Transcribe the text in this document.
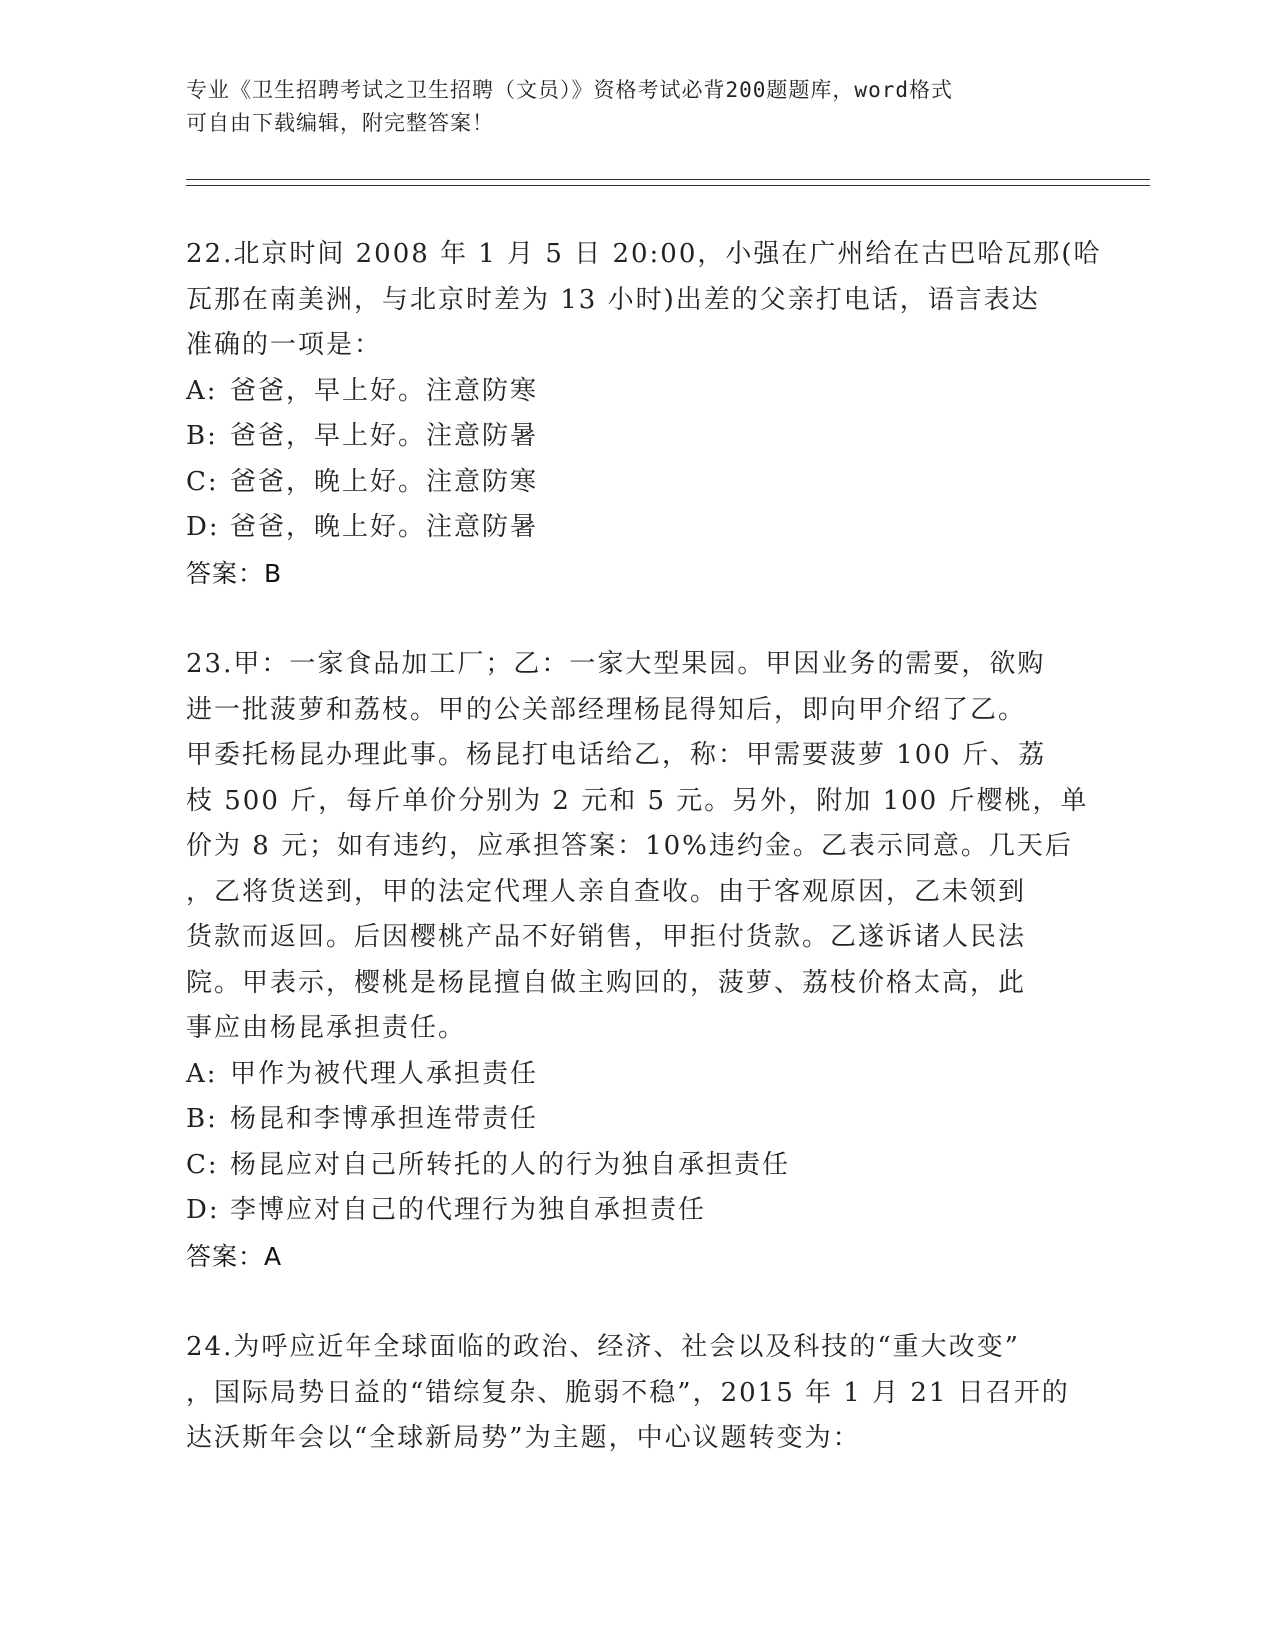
专业《卫生招聘考试之卫生招聘（文员）》资格考试必背200题题库，word格式
可自由下载编辑，附完整答案！
22.北京时间 2008 年 1 月 5 日 20:00，小强在广州给在古巴哈瓦那(哈
瓦那在南美洲，与北京时差为 13 小时)出差的父亲打电话，语言表达
准确的一项是：
A: 爸爸，早上好。注意防寒
B: 爸爸，早上好。注意防暑
C: 爸爸，晚上好。注意防寒
D: 爸爸，晚上好。注意防暑
答案：B
23.甲：一家食品加工厂；乙：一家大型果园。甲因业务的需要，欲购
进一批菠萝和荔枝。甲的公关部经理杨昆得知后，即向甲介绍了乙。
甲委托杨昆办理此事。杨昆打电话给乙，称：甲需要菠萝 100 斤、荔
枝 500 斤，每斤单价分别为 2 元和 5 元。另外，附加 100 斤樱桃，单
价为 8 元；如有违约，应承担答案：10%违约金。乙表示同意。几天后
，乙将货送到，甲的法定代理人亲自查收。由于客观原因，乙未领到
货款而返回。后因樱桃产品不好销售，甲拒付货款。乙遂诉诸人民法
院。甲表示，樱桃是杨昆擅自做主购回的，菠萝、荔枝价格太高，此
事应由杨昆承担责任。
A: 甲作为被代理人承担责任
B: 杨昆和李博承担连带责任
C: 杨昆应对自己所转托的人的行为独自承担责任
D: 李博应对自己的代理行为独自承担责任
答案：A
24.为呼应近年全球面临的政治、经济、社会以及科技的“重大改变”
，国际局势日益的“错综复杂、脆弱不稳”，2015 年 1 月 21 日召开的
达沃斯年会以“全球新局势”为主题，中心议题转变为：
